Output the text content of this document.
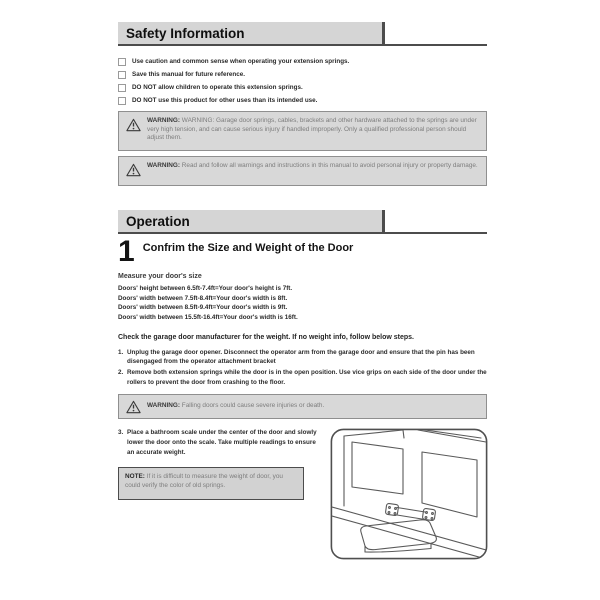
Safety Information
Use caution and common sense when operating your extension springs.
Save this manual for future reference.
DO NOT allow children to operate this extension springs.
DO NOT use this product for other uses than its intended use.
WARNING: WARNING: Garage door springs, cables, brackets and other hardware attached to the springs are under very high tension, and can cause serious injury if handled improperly. Only a qualified professional person should adjust them.
WARNING: Read and follow all warnings and instructions in this manual to avoid personal injury or property damage.
Operation
1 Confrim the Size and Weight of the Door
Measure your door's size
Doors' height between 6.5ft-7.4ft=Your door's height is 7ft.
Doors' width between 7.5ft-8.4ft=Your door's width is 8ft.
Doors' width between 8.5ft-9.4ft=Your door's width is 9ft.
Doors' width between 15.5ft-16.4ft=Your door's width is 16ft.
Check the garage door manufacturer for the weight. If no weight info, follow below steps.
1. Unplug the garage door opener. Disconnect the operator arm from the garage door and ensure that the pin has been disengaged from the operator attachment bracket
2. Remove both extension springs while the door is in the open position. Use vice grips on each side of the door under the rollers to prevent the door from crashing to the floor.
WARNING: Falling doors could cause severe injuries or death.
3. Place a bathroom scale under the center of the door and slowly lower the door onto the scale. Take multiple readings to ensure an accurate weight.
NOTE: If it is difficult to measure the weight of door, you could verify the color of old springs.
